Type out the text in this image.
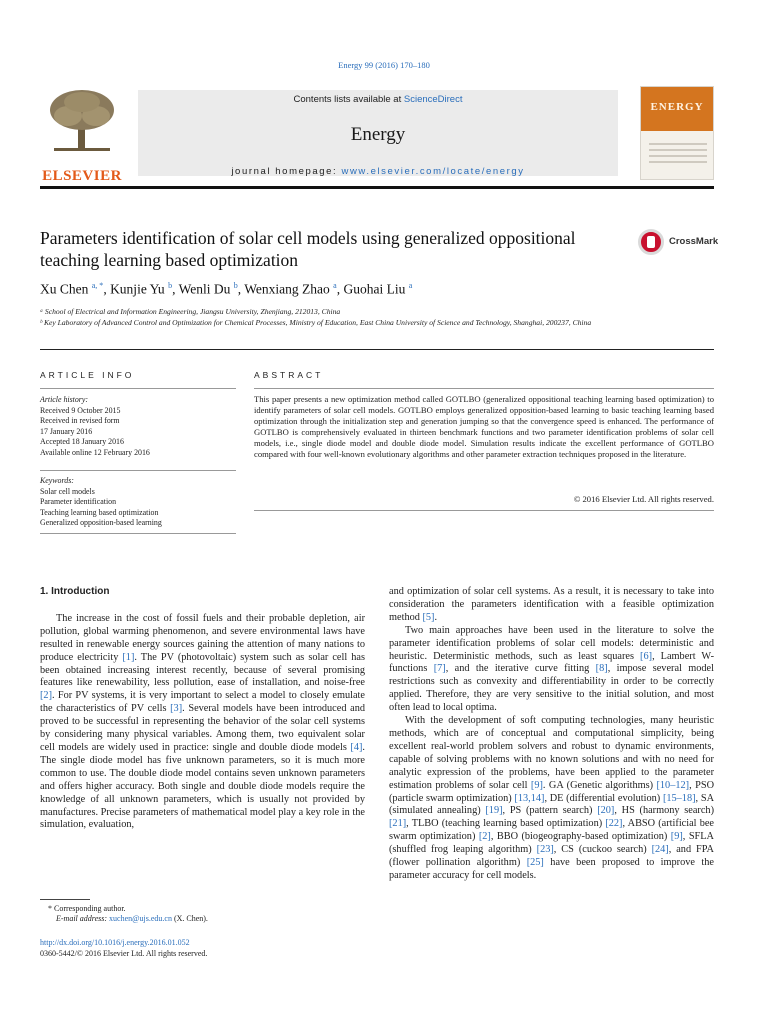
Energy 99 (2016) 170–180
ELSEVIER
Contents lists available at ScienceDirect
Energy
journal homepage: www.elsevier.com/locate/energy
ENERGY
Parameters identification of solar cell models using generalized oppositional teaching learning based optimization
CrossMark
Xu Chen $^{a, *}$, Kunjie Yu $^b$, Wenli Du $^b$, Wenxiang Zhao $^a$, Guohai Liu $^a$
ᵃ School of Electrical and Information Engineering, Jiangsu University, Zhenjiang, 212013, China
ᵇ Key Laboratory of Advanced Control and Optimization for Chemical Processes, Ministry of Education, East China University of Science and Technology, Shanghai, 200237, China
ARTICLE INFO	ABSTRACT
Article history:
Received 9 October 2015
Received in revised form
17 January 2016
Accepted 18 January 2016
Available online 12 February 2016
Keywords:
Solar cell models
Parameter identification
Teaching learning based optimization
Generalized opposition-based learning
This paper presents a new optimization method called GOTLBO (generalized oppositional teaching learning based optimization) to identify parameters of solar cell models. GOTLBO employs generalized opposition-based learning to basic teaching learning based optimization through the initialization step and generation jumping so that the convergence speed is enhanced. The performance of GOTLBO is comprehensively evaluated in thirteen benchmark functions and two parameter identification problems of solar cell models, i.e., single diode model and double diode model. Simulation results indicate the excellent performance of GOTLBO compared with four well-known evolutionary algorithms and other parameter extraction techniques proposed in the literature.
© 2016 Elsevier Ltd. All rights reserved.
1. Introduction

The increase in the cost of fossil fuels and their probable depletion, air pollution, global warming phenomenon, and severe environmental laws have resulted in renewable energy sources gaining the attention of many nations to produce electricity [1]. The PV (photovoltaic) system such as solar cell has been obtained increasing interest recently, because of several promising features like renewability, less pollution, ease of installation, and noise-free [2]. For PV systems, it is very important to select a model to closely emulate the characteristics of PV cells [3]. Several models have been introduced and proved to be successful in representing the behavior of the solar cell systems by considering many physical variables. Among them, two equivalent solar cell models are widely used in practice: single and double diode models [4]. The single diode model has five unknown parameters, so it is much more common to use. The double diode model contains seven unknown parameters and offers higher accuracy. Both single and double diode models require the knowledge of all unknown parameters, which is usually not provided by manufactures. Precise parameters of mathematical model play a key role in the simulation, evaluation,

and optimization of solar cell systems. As a result, it is necessary to take into consideration the parameters identification with a feasible optimization method [5].

Two main approaches have been used in the literature to solve the parameter identification problems of solar cell models: deterministic and heuristic. Deterministic methods, such as least squares [6], Lambert W-functions [7], and the iterative curve fitting [8], impose several model restrictions such as convexity and differentiability in order to be correctly applied. Therefore, they are very sensitive to the initial solution, and most often lead to local optima.

With the development of soft computing technologies, many heuristic methods, which are of conceptual and computational simplicity, being excellent real-world problem solvers and robust to dynamic environments, capable of solving problems with no known solutions and with no need for analytic expression of the problems, have been applied to the parameter estimation problems of solar cell [9]. GA (Genetic algorithms) [10–12], PSO (particle swarm optimization) [13,14], DE (differential evolution) [15–18], SA (simulated annealing) [19], PS (pattern search) [20], HS (harmony search) [21], TLBO (teaching learning based optimization) [22], ABSO (artificial bee swarm optimization) [2], BBO (biogeography-based optimization) [9], SFLA (shuffled frog leaping algorithm) [23], CS (cuckoo search) [24], and FPA (flower pollination algorithm) [25] have been proposed to improve the parameter accuracy for cell models.

* Corresponding author.
E-mail address: xuchen@ujs.edu.cn (X. Chen).
http://dx.doi.org/10.1016/j.energy.2016.01.052
0360-5442/© 2016 Elsevier Ltd. All rights reserved.
